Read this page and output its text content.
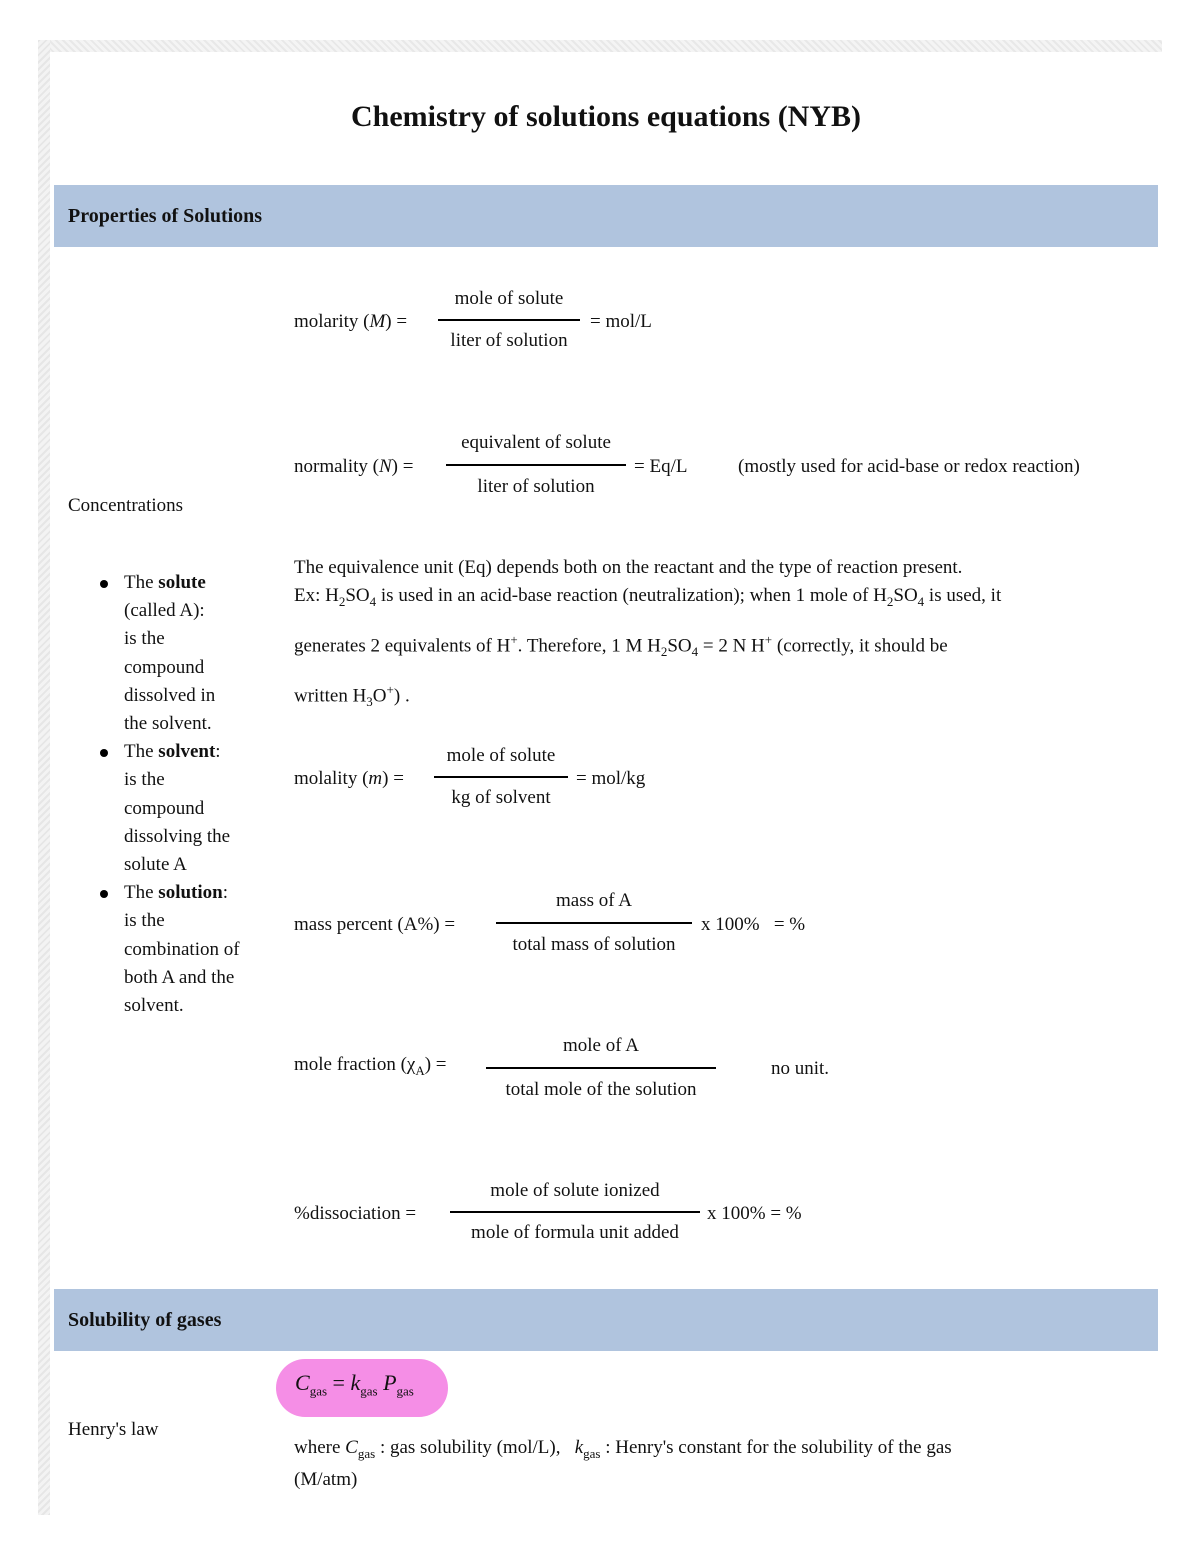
Chemistry of solutions equations (NYB)
Properties of Solutions
Concentrations
The solute
(called A):
is the
compound
dissolved in
the solvent.
The solvent:
is the
compound
dissolving the
solute A
The solution:
is the
combination of
both A and the
solvent.
molarity (M) =
mole of solute
liter of solution
= mol/L
normality (N) =
equivalent of solute
liter of solution
= Eq/L	(mostly used for acid-base or redox reaction)
The equivalence unit (Eq) depends both on the reactant and the type of reaction present.
Ex: $H_2SO_4$ is used in an acid-base reaction (neutralization); when 1 mole of $H_2SO_4$ is used, it
generates 2 equivalents of H+. Therefore, 1 M $H_2SO_4 = 2$ N H+ (correctly, it should be
written $H_3O^+$) .
molality (m) =
mole of solute
kg of solvent
= mol/kg
mass percent (A%) =
mass of A
total mass of solution
x 100%   = %
mole fraction $(\chi_A)$ =
mole of A
total mole of the solution
no unit.
%dissociation =
mole of solute ionized
mole of formula unit added
x 100% = %
Solubility of gases
$C_{gas} = k_{gas}$ $P_{gas}$
Henry's law
where $C_{gas}$ : gas solubility (mol/L),   $k_{gas}$ : Henry's constant for the solubility of the gas
(M/atm)
